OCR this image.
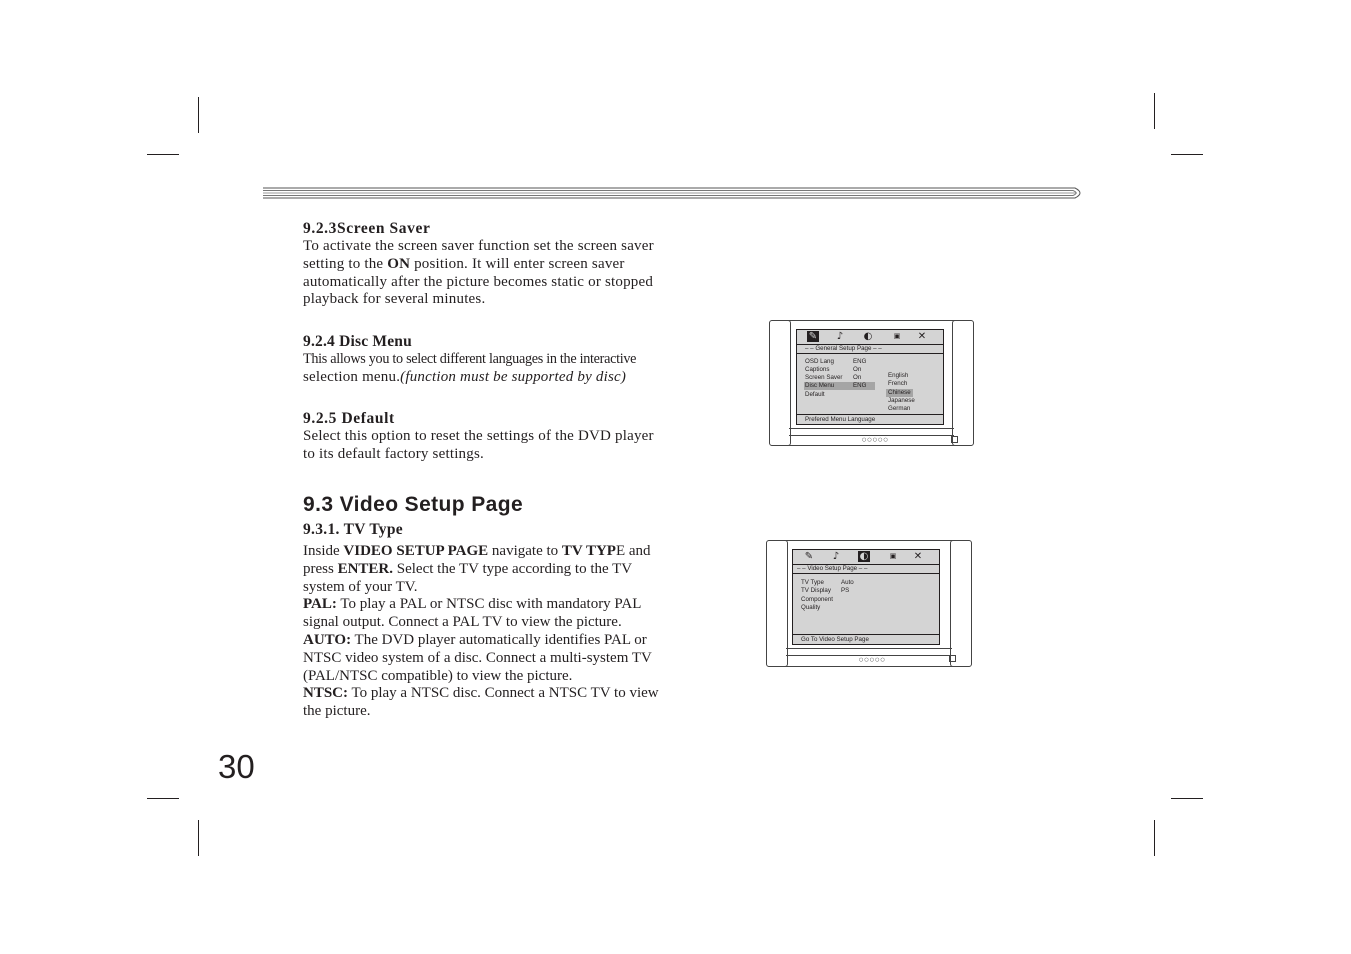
9.2.3Screen Saver

To activate the screen saver function set the screen saver
setting to the ON position. It will enter screen saver
automatically after the picture becomes static or stopped
playback for several minutes.

9.2.4 Disc Menu

This allows you to select different languages in the interactive
selection menu.(function must be supported by disc)

9.2.5 Default

Select this option to reset the settings of the DVD player
to its default factory settings.

9.3 Video Setup Page
9.3.1. TV Type

Inside VIDEO SETUP PAGE navigate to TV TYPE and
press ENTER. Select the TV type according to the TV
system of your TV.
PAL: To play a PAL or NTSC disc with mandatory PAL
signal output. Connect a PAL TV to view the picture.
AUTO: The DVD player automatically identifies PAL or
NTSC video system of a disc. Connect a multi-system TV
(PAL/NTSC compatible) to view the picture.
NTSC: To play a NTSC disc. Connect a NTSC TV to view
the picture.

30
✎ ♪ ◐	▣ ✕
– – General Setup Page – –
OSD Lang
Captions
Screen Saver
Disc Menu
Default
ENG
On
On
ENG
English
French
Chinese
Japanese
German
Prefered Menu Language
○○○○○
✎ ♪ ◐	▣ ✕
– – Video Setup Page – –
TV Type
TV Display
Component
Quality
Auto
PS
Go To Video Setup Page
○○○○○
